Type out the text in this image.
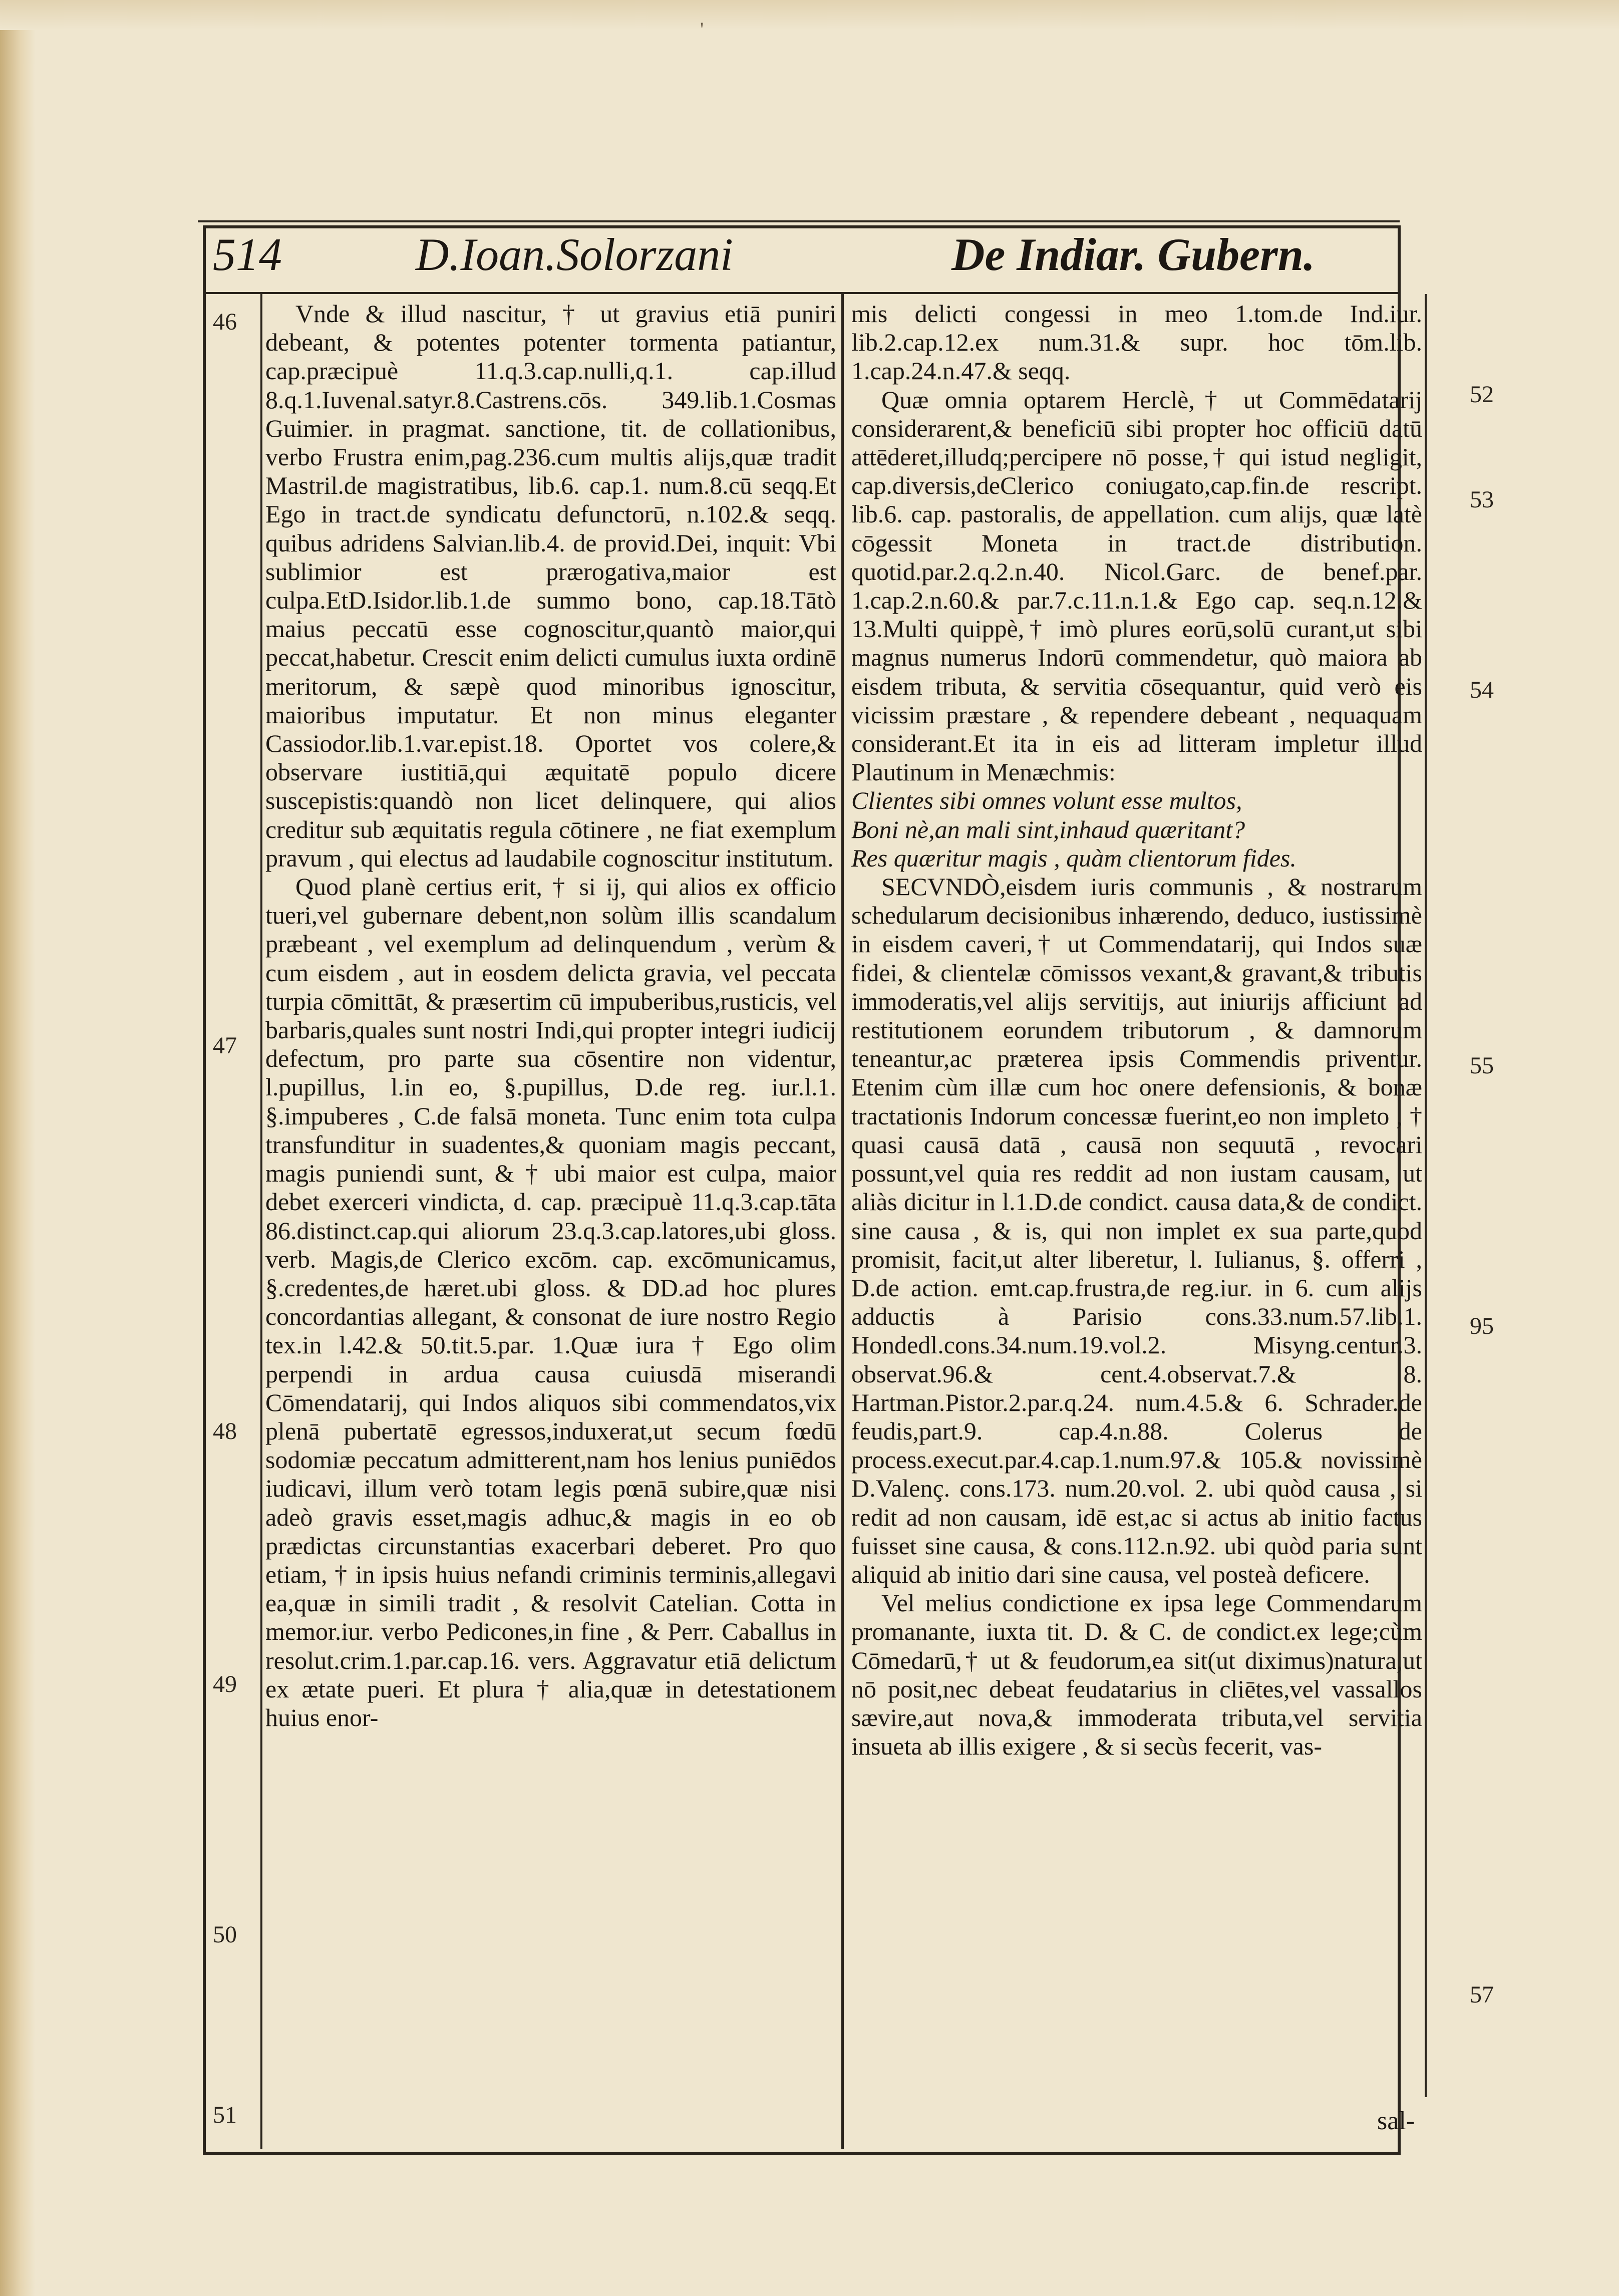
'
514	D.Ioan.Solorzani	De Indiar. Gubern.

Vnde & illud nascitur, † ut gravius etiā puniri debeant, & potentes potenter tormenta patiantur, cap.præcipuè 11.q.3.cap.nulli,q.1. cap.illud 8.q.1.Iuvenal.satyr.8.Castrens.cōs. 349.lib.1.Cosmas Guimier. in pragmat. sanctione, tit. de collationibus, verbo Frustra enim,pag.236.cum multis alijs,quæ tradit Mastril.de magistratibus, lib.6. cap.1. num.8.cū seqq.Et Ego in tract.de syndicatu defunctorū, n.102.& seqq. quibus adridens Salvian.lib.4. de provid.Dei, inquit: Vbi sublimior est prærogativa,maior est culpa.EtD.Isidor.lib.1.de summo bono, cap.18.Tātò maius peccatū esse cognoscitur,quantò maior,qui peccat,habetur. Crescit enim delicti cumulus iuxta ordinē meritorum, & sæpè quod minoribus ignoscitur, maioribus imputatur. Et non minus eleganter Cassiodor.lib.1.var.epist.18. Oportet vos colere,& observare iustitiā,qui æquitatē populo dicere suscepistis:quandò non licet delinquere, qui alios creditur sub æquitatis regula cōtinere , ne fiat exemplum pravum , qui electus ad laudabile cognoscitur institutum.

Quod planè certius erit, † si ij, qui alios ex officio tueri,vel gubernare debent,non solùm illis scandalum præbeant , vel exemplum ad delinquendum , verùm & cum eisdem , aut in eosdem delicta gravia, vel peccata turpia cōmittāt, & præsertim cū impuberibus,rusticis, vel barbaris,quales sunt nostri Indi,qui propter integri iudicij defectum, pro parte sua cōsentire non videntur, l.pupillus, l.in eo, §.pupillus, D.de reg. iur.l.1. §.impuberes , C.de falsā moneta. Tunc enim tota culpa transfunditur in suadentes,& quoniam magis peccant, magis puniendi sunt, & † ubi maior est culpa, maior debet exerceri vindicta, d. cap. præcipuè 11.q.3.cap.tāta 86.distinct.cap.qui aliorum 23.q.3.cap.latores,ubi gloss. verb. Magis,de Clerico excōm. cap. excōmunicamus, §.credentes,de hæret.ubi gloss. & DD.ad hoc plures concordantias allegant, & consonat de iure nostro Regio tex.in l.42.& 50.tit.5.par. 1.Quæ iura † Ego olim perpendi in ardua causa cuiusdā miserandi Cōmendatarij, qui Indos aliquos sibi commendatos,vix plenā pubertatē egressos,induxerat,ut secum fœdū sodomiæ peccatum admitterent,nam hos lenius puniēdos iudicavi, illum verò totam legis pœnā subire,quæ nisi adeò gravis esset,magis adhuc,& magis in eo ob prædictas circunstantias exacerbari deberet. Pro quo etiam, † in ipsis huius nefandi criminis terminis,allegavi ea,quæ in simili tradit , & resolvit Catelian. Cotta in memor.iur. verbo Pedicones,in fine , & Perr. Caballus in resolut.crim.1.par.cap.16. vers. Aggravatur etiā delictum ex ætate pueri. Et plura † alia,quæ in detestationem huius enor-

mis delicti congessi in meo 1.tom.de Ind.iur. lib.2.cap.12.ex num.31.& supr. hoc tōm.lib. 1.cap.24.n.47.& seqq.

Quæ omnia optarem Herclè,† ut Commēdatarij considerarent,& beneficiū sibi propter hoc officiū datū attēderet,illudq;percipere nō posse,† qui istud negligit, cap.diversis,deClerico coniugato,cap.fin.de rescript. lib.6. cap. pastoralis, de appellation. cum alijs, quæ latè cōgessit Moneta in tract.de distribution. quotid.par.2.q.2.n.40. Nicol.Garc. de benef.par. 1.cap.2.n.60.& par.7.c.11.n.1.& Ego cap. seq.n.12.& 13.Multi quippè,† imò plures eorū,solū curant,ut sibi magnus numerus Indorū commendetur, quò maiora ab eisdem tributa, & servitia cōsequantur, quid verò eis vicissim præstare , & rependere debeant , nequaquam considerant.Et ita in eis ad litteram impletur illud Plautinum in Menæchmis:

Clientes sibi omnes volunt esse multos,

Boni nè,an mali sint,inhaud quæritant?

Res quæritur magis , quàm clientorum fides.

SECVNDÒ,eisdem iuris communis , & nostrarum schedularum decisionibus inhærendo, deduco, iustissimè in eisdem caveri,† ut Commendatarij, qui Indos suæ fidei, & clientelæ cōmissos vexant,& gravant,& tributis immoderatis,vel alijs servitijs, aut iniurijs afficiunt ad restitutionem eorundem tributorum , & damnorum teneantur,ac præterea ipsis Commendis priventur. Etenim cùm illæ cum hoc onere defensionis, & bonæ tractationis Indorum concessæ fuerint,eo non impleto , † quasi causā datā , causā non sequutā , revocari possunt,vel quia res reddit ad non iustam causam, ut aliàs dicitur in l.1.D.de condict. causa data,& de condict. sine causa , & is, qui non implet ex sua parte,quod promisit, facit,ut alter liberetur, l. Iulianus, §. offerri , D.de action. emt.cap.frustra,de reg.iur. in 6. cum alijs adductis à Parisio cons.33.num.57.lib.1. Hondedl.cons.34.num.19.vol.2. Misyng.centur.3. observat.96.& cent.4.observat.7.& 8. Hartman.Pistor.2.par.q.24. num.4.5.& 6. Schrader.de feudis,part.9. cap.4.n.88. Colerus de process.execut.par.4.cap.1.num.97.& 105.& novissimè D.Valenç. cons.173. num.20.vol. 2. ubi quòd causa , si redit ad non causam, idē est,ac si actus ab initio factus fuisset sine causa, & cons.112.n.92. ubi quòd paria sunt aliquid ab initio dari sine causa, vel posteà deficere.

Vel melius condictione ex ipsa lege Commendarum promanante, iuxta tit. D. & C. de condict.ex lege;cùm Cōmedarū,† ut & feudorum,ea sit(ut diximus)natura,ut nō posit,nec debeat feudatarius in cliētes,vel vassallos sævire,aut nova,& immoderata tributa,vel servitia insueta ab illis exigere , & si secùs fecerit, vas-

46
47
48
49
50
51
52
53
54
55
95
57
sal-
